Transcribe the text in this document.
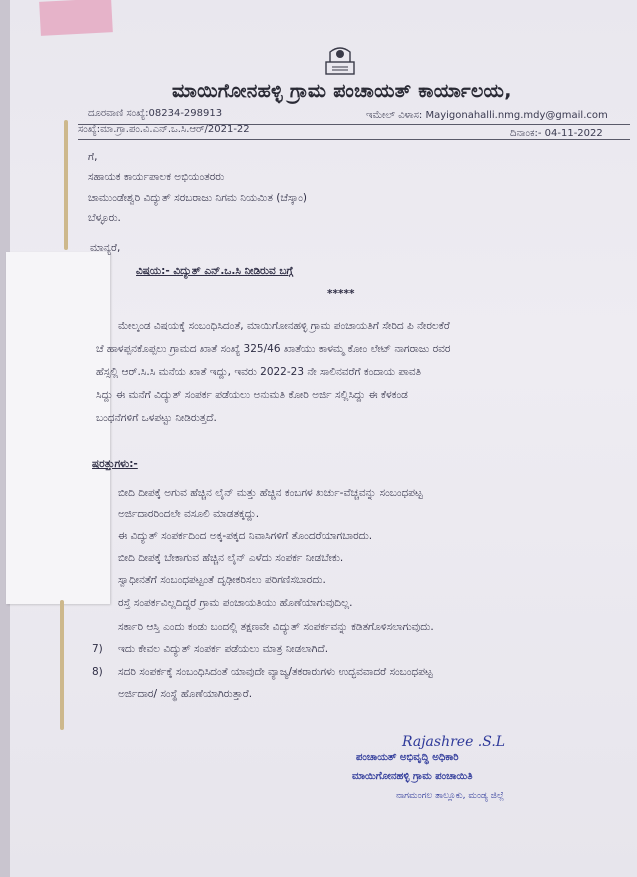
ಮಾಯಿಗೋನಹಳ್ಳಿ ಗ್ರಾಮ ಪಂಚಾಯತ್ ಕಾರ್ಯಾಲಯ,
ದೂರವಾಣಿ ಸಂಖ್ಯೆ:08234-298913	ಇಮೇಲ್ ವಿಳಾಸ: Mayigonahalli.nmg.mdy@gmail.com
ಸಂಖ್ಯೆ:ಮಾ.ಗ್ರಾ.ಪಂ.ವಿ.ಎನ್.ಒ.ಸಿ.ಆರ್/2021-22	ದಿನಾಂಕ:- 04-11-2022
ಗೆ,
ಸಹಾಯಕ ಕಾರ್ಯಪಾಲಕ ಅಭಿಯಂತರರು
ಚಾಮುಂಡೇಶ್ವರಿ ವಿದ್ಯುತ್ ಸರಬರಾಜು ನಿಗಮ ನಿಯಮಿತ (ಚೆಸ್ಕಾಂ)
ಬೆಳ್ಳೂರು.
ಮಾನ್ಯರೆ,
ವಿಷಯ:- ವಿದ್ಯುತ್ ಎನ್.ಒ.ಸಿ ನೀಡಿರುವ ಬಗ್ಗೆ
*****
ಮೇಲ್ಕಂಡ ವಿಷಯಕ್ಕೆ ಸಂಬಂಧಿಸಿದಂತೆ, ಮಾಯಿಗೋನಹಳ್ಳಿ ಗ್ರಾಮ ಪಂಚಾಯತಿಗೆ ಸೇರಿದ ಪಿ ನೇರಲಕೆರೆ
ಚೆ ಹಾಳಪ್ಪನಕೊಪ್ಪಲು ಗ್ರಾಮದ ಖಾತೆ ಸಂಖ್ಯೆ 325/46 ಖಾತೆಯು ಕಾಳಮ್ಮ ಕೋಂ ಲೇಟ್ ನಾಗರಾಜು ರವರ
ಹೆಸ್ಸಲ್ಲಿ ಆರ್.ಸಿ.ಸಿ ಮನೆಯ ಖಾತೆ ಇದ್ದು, ಇವರು 2022-23 ನೇ ಸಾಲಿನವರೆಗೆ ಕಂದಾಯ ಪಾವತಿ
ಸಿದ್ದು ಈ ಮನೆಗೆ ವಿದ್ಯುತ್ ಸಂಪರ್ಕ ಪಡೆಯಲು ಅನುಮತಿ ಕೋರಿ ಅರ್ಜಿ ಸಲ್ಲಿಸಿದ್ದು ಈ ಕೆಳಕಂಡ
ಬಂಧನೆಗಳಿಗೆ ಒಳಪಟ್ಟು ನೀಡಿರುತ್ತದೆ.
ಷರತ್ತುಗಳು:-
ಬೀದಿ ದೀಪಕ್ಕೆ ಅಗುವ ಹೆಚ್ಚಿನ ಲೈನ್ ಮತ್ತು ಹೆಚ್ಚಿನ ಕಂಬಗಳ ಖರ್ಚು-ವೆಚ್ಚವನ್ನು ಸಂಬಂಧಪಟ್ಟ
ಅರ್ಜಿದಾರರಿಂದಲೇ ವಸೂಲಿ ಮಾಡತಕ್ಕದ್ದು.
ಈ ವಿದ್ಯುತ್ ಸಂಪರ್ಕದಿಂದ ಅಕ್ಕ-ಪಕ್ಕದ ನಿವಾಸಿಗಳಿಗೆ ತೊಂದರೆಯಾಗಬಾರದು.
ಬೀದಿ ದೀಪಕ್ಕೆ ಬೇಕಾಗುವ ಹೆಚ್ಚಿನ ಲೈನ್ ಎಳೆದು ಸಂಪರ್ಕ ನೀಡಬೇಕು.
ಸ್ವಾಧೀನತೆಗೆ ಸಂಬಂಧಪಟ್ಟಂತೆ ದೃಢೀಕರಿಸಲು ಪರಿಗಣಿಸಬಾರದು.
ರಸ್ತೆ ಸಂಪರ್ಕವಿಲ್ಲದಿದ್ದರೆ ಗ್ರಾಮ ಪಂಚಾಯತಿಯು ಹೊಣೆಯಾಗುವುದಿಲ್ಲ.
ಸರ್ಕಾರಿ ಆಸ್ತಿ ಎಂದು ಕಂಡು ಬಂದಲ್ಲಿ ತಕ್ಷಣವೇ ವಿದ್ಯುತ್ ಸಂಪರ್ಕವನ್ನು ಕಡಿತಗೊಳಿಸಲಾಗುವುದು.
7) ಇದು ಕೇವಲ ವಿದ್ಯುತ್ ಸಂಪರ್ಕ ಪಡೆಯಲು ಮಾತ್ರ ನೀಡಲಾಗಿದೆ.
8) ಸದರಿ ಸಂಪರ್ಕಕ್ಕೆ ಸಂಬಂಧಿಸಿದಂತೆ ಯಾವುದೇ ವ್ಯಾಜ್ಯ/ತಕರಾರುಗಳು ಉದ್ಭವವಾದರೆ ಸಂಬಂಧಪಟ್ಟ
ಅರ್ಜಿದಾರ/ ಸಂಸ್ಥೆ ಹೊಣೆಯಾಗಿರುತ್ತಾರೆ.
Rajashree .S.L
ಪಂಚಾಯತ್ ಅಭಿವೃದ್ಧಿ ಅಧಿಕಾರಿ
ಮಾಯಿಗೋನಹಳ್ಳಿ ಗ್ರಾಮ ಪಂಚಾಯಿತಿ
ನಾಗಮಂಗಲ ತಾಲ್ಲೂಕು, ಮಂಡ್ಯ ಜಿಲ್ಲೆ
